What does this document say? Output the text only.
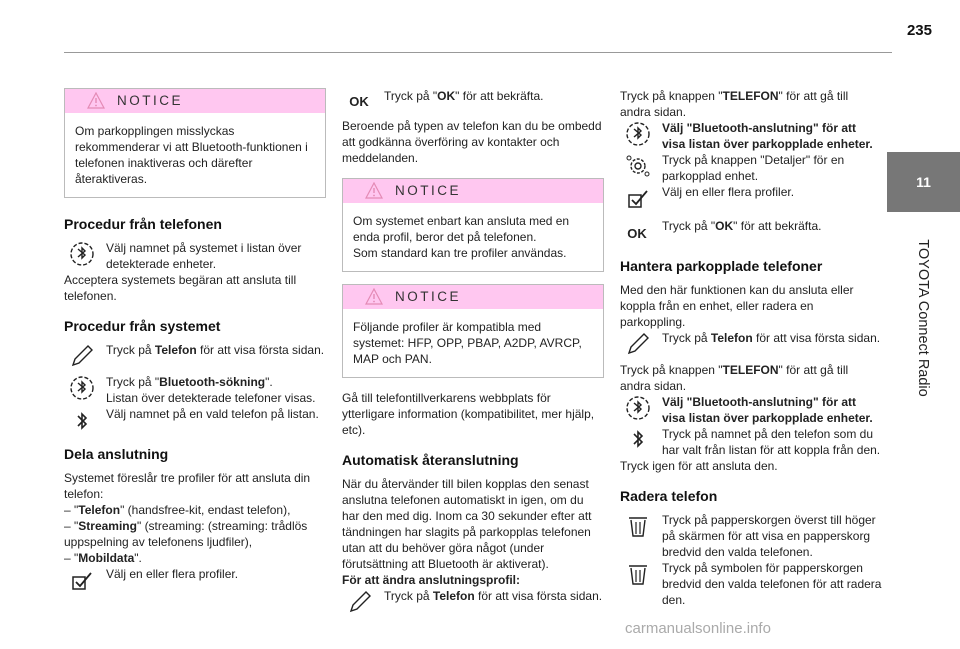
235
11
TOYOTA Connect Radio
NOTICE
Om parkopplingen misslyckas rekommenderar vi att Bluetooth-funktionen i telefonen inaktiveras och därefter återaktiveras.
Procedur från telefonen

Välj namnet på systemet i listan över detekterade enheter.

Acceptera systemets begäran att ansluta till telefonen.

Procedur från systemet

Tryck på Telefon för att visa första sidan.

Tryck på "Bluetooth-sökning".

Listan över detekterade telefoner visas.

Välj namnet på en vald telefon på listan.

Dela anslutning

Systemet föreslår tre profiler för att ansluta din telefon:

– "Telefon" (handsfree-kit, endast telefon),

– "Streaming" (streaming: (streaming: trådlös uppspelning av telefonens ljudfiler),

– "Mobildata".

Välj en eller flera profiler.

OK	Tryck på "OK" för att bekräfta.

Beroende på typen av telefon kan du be ombedd att godkänna överföring av kontakter och meddelanden.

NOTICE

Om systemet enbart kan ansluta med en enda profil, beror det på telefonen.

Som standard kan tre profiler användas.

NOTICE
Följande profiler är kompatibla med systemet: HFP, OPP, PBAP, A2DP, AVRCP, MAP och PAN.

Gå till telefontillverkarens webbplats för ytterligare information (kompatibilitet, mer hjälp, etc).

Automatisk återanslutning

När du återvänder till bilen kopplas den senast anslutna telefonen automatiskt in igen, om du har den med dig. Inom ca 30 sekunder efter att tändningen har slagits på parkopplas telefonen utan att du behöver göra något (under förutsättning att Bluetooth är aktiverat).

För att ändra anslutningsprofil:

Tryck på Telefon för att visa första sidan.

Tryck på knappen "TELEFON" för att gå till andra sidan.

Välj "Bluetooth-anslutning" för att visa listan över parkopplade enheter.

Tryck på knappen "Detaljer" för en parkopplad enhet.

Välj en eller flera profiler.

OK	Tryck på "OK" för att bekräfta.

Hantera parkopplade telefoner

Med den här funktionen kan du ansluta eller koppla från en enhet, eller radera en parkoppling.

Tryck på Telefon för att visa första sidan.

Tryck på knappen "TELEFON" för att gå till andra sidan.

Välj "Bluetooth-anslutning" för att visa listan över parkopplade enheter.

Tryck på namnet på den telefon som du har valt från listan för att koppla från den.

Tryck igen för att ansluta den.

Radera telefon

Tryck på papperskorgen överst till höger på skärmen för att visa en papperskorg bredvid den valda telefonen.

Tryck på symbolen för papperskorgen bredvid den valda telefonen för att radera den.

carmanualsonline.info
